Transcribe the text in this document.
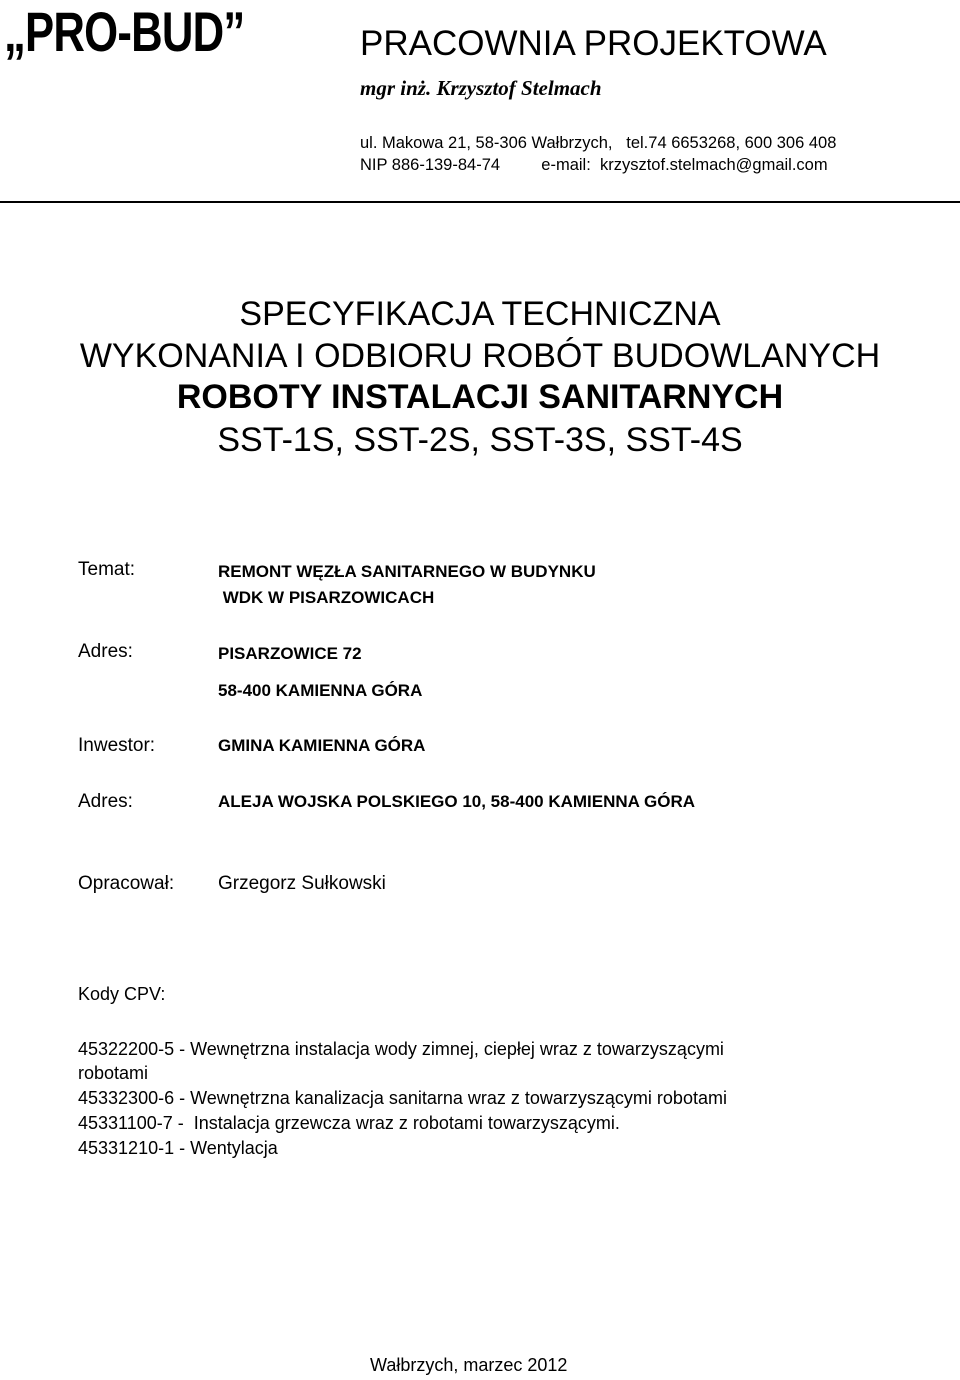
„PRO-BUD”	PRACOWNIA PROJEKTOWA
mgr inż. Krzysztof Stelmach
ul. Makowa 21, 58-306 Wałbrzych,   tel.74 6653268, 600 306 408
NIP 886-139-84-74         e-mail:  krzysztof.stelmach@gmail.com
SPECYFIKACJA TECHNICZNA
WYKONANIA I ODBIORU ROBÓT BUDOWLANYCH
ROBOTY INSTALACJI SANITARNYCH
SST-1S, SST-2S, SST-3S, SST-4S
Temat:	REMONT WĘZŁA SANITARNEGO W BUDYNKU
WDK W PISARZOWICACH
Adres:	PISARZOWICE 72
58-400 KAMIENNA GÓRA
Inwestor:	GMINA KAMIENNA GÓRA
Adres:	ALEJA WOJSKA POLSKIEGO 10, 58-400 KAMIENNA GÓRA
Opracował: Grzegorz Sułkowski
Kody CPV:
45322200-5 - Wewnętrzna instalacja wody zimnej, ciepłej wraz z towarzyszącymi
robotami
45332300-6 - Wewnętrzna kanalizacja sanitarna wraz z towarzyszącymi robotami
45331100-7 -  Instalacja grzewcza wraz z robotami towarzyszącymi.
45331210-1 - Wentylacja
Wałbrzych, marzec 2012
